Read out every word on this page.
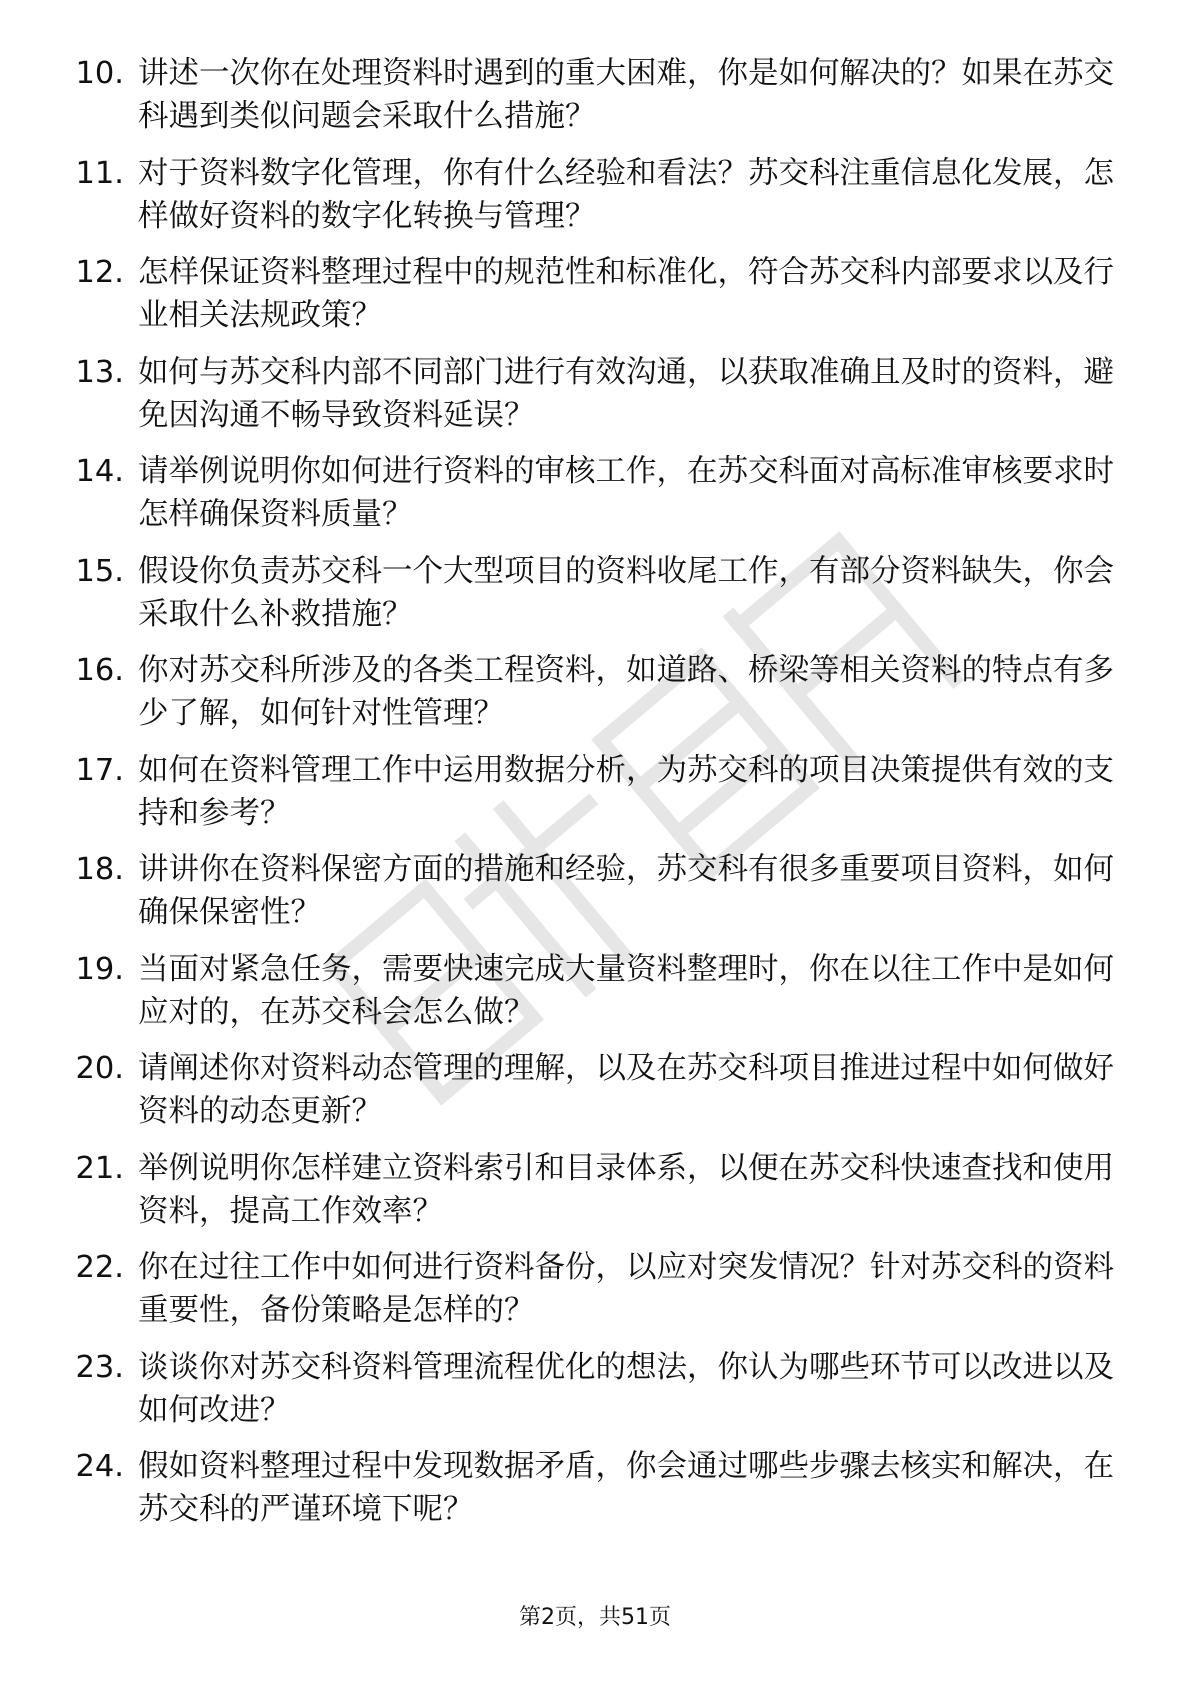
10. 讲述一次你在处理资料时遇到的重大困难，你是如何解决的？如果在苏交科遇到类似问题会采取什么措施？
11. 对于资料数字化管理，你有什么经验和看法？苏交科注重信息化发展，怎样做好资料的数字化转换与管理？
12. 怎样保证资料整理过程中的规范性和标准化，符合苏交科内部要求以及行业相关法规政策？
13. 如何与苏交科内部不同部门进行有效沟通，以获取准确且及时的资料，避免因沟通不畅导致资料延误？
14. 请举例说明你如何进行资料的审核工作，在苏交科面对高标准审核要求时怎样确保资料质量？
15. 假设你负责苏交科一个大型项目的资料收尾工作，有部分资料缺失，你会采取什么补救措施？
16. 你对苏交科所涉及的各类工程资料，如道路、桥梁等相关资料的特点有多少了解，如何针对性管理？
17. 如何在资料管理工作中运用数据分析，为苏交科的项目决策提供有效的支持和参考？
18. 讲讲你在资料保密方面的措施和经验，苏交科有很多重要项目资料，如何确保保密性？
19. 当面对紧急任务，需要快速完成大量资料整理时，你在以往工作中是如何应对的，在苏交科会怎么做？
20. 请阐述你对资料动态管理的理解，以及在苏交科项目推进过程中如何做好资料的动态更新？
21. 举例说明你怎样建立资料索引和目录体系，以便在苏交科快速查找和使用资料，提高工作效率？
22. 你在过往工作中如何进行资料备份，以应对突发情况？针对苏交科的资料重要性，备份策略是怎样的？
23. 谈谈你对苏交科资料管理流程优化的想法，你认为哪些环节可以改进以及如何改进？
24. 假如资料整理过程中发现数据矛盾，你会通过哪些步骤去核实和解决，在苏交科的严谨环境下呢？
第2页，共51页
